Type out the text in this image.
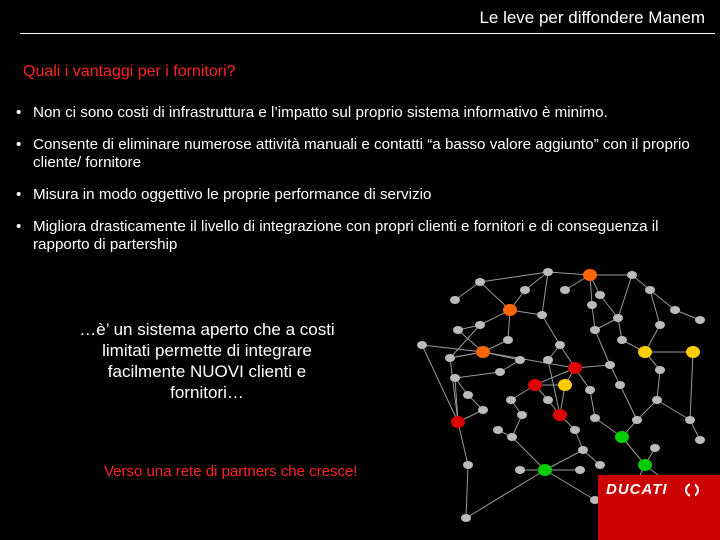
Le leve per diffondere Manem
Quali i vantaggi per i fornitori?
• Non ci sono costi di infrastruttura e l’impatto sul proprio sistema informativo è minimo.
• Consente di eliminare numerose attività manuali e contatti “a basso valore aggiunto” con il proprio cliente/ fornitore
• Misura in modo oggettivo le proprie performance di servizio
• Migliora drasticamente il livello di integrazione con propri clienti e fornitori e di conseguenza il rapporto di partership
…è’ un sistema aperto che a costi limitati permette di integrare facilmente NUOVI clienti e fornitori…
Verso una rete di partners che cresce!
DUCATI
